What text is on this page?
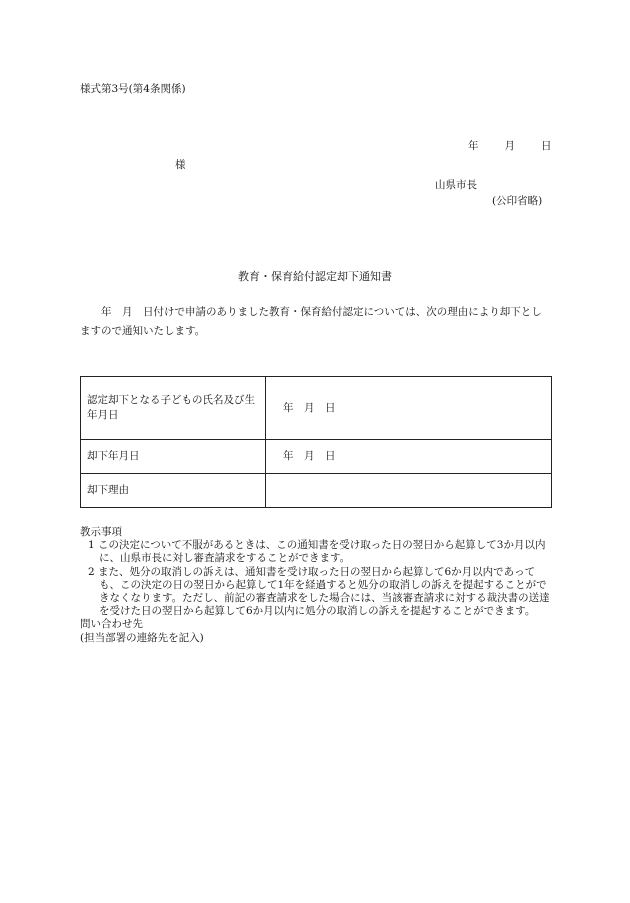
様式第3号(第4条関係)
年 月 日
様
山県市長
(公印省略)
教育・保育給付認定却下通知書
年　月　日付けで申請のありました教育・保育給付認定については、次の理由により却下としますので通知いたします。
認定却下となる子どもの氏名及び生年月日	年　月　日
却下年月日	年　月　日
却下理由	
教示事項
1 この決定について不服があるときは、この通知書を受け取った日の翌日から起算して3か月以内に、山県市長に対し審査請求をすることができます。
2 また、処分の取消しの訴えは、通知書を受け取った日の翌日から起算して6か月以内であっても、この決定の日の翌日から起算して1年を経過すると処分の取消しの訴えを提起することができなくなります。ただし、前記の審査請求をした場合には、当該審査請求に対する裁決書の送達を受けた日の翌日から起算して6か月以内に処分の取消しの訴えを提起することができます。
問い合わせ先
(担当部署の連絡先を記入)
